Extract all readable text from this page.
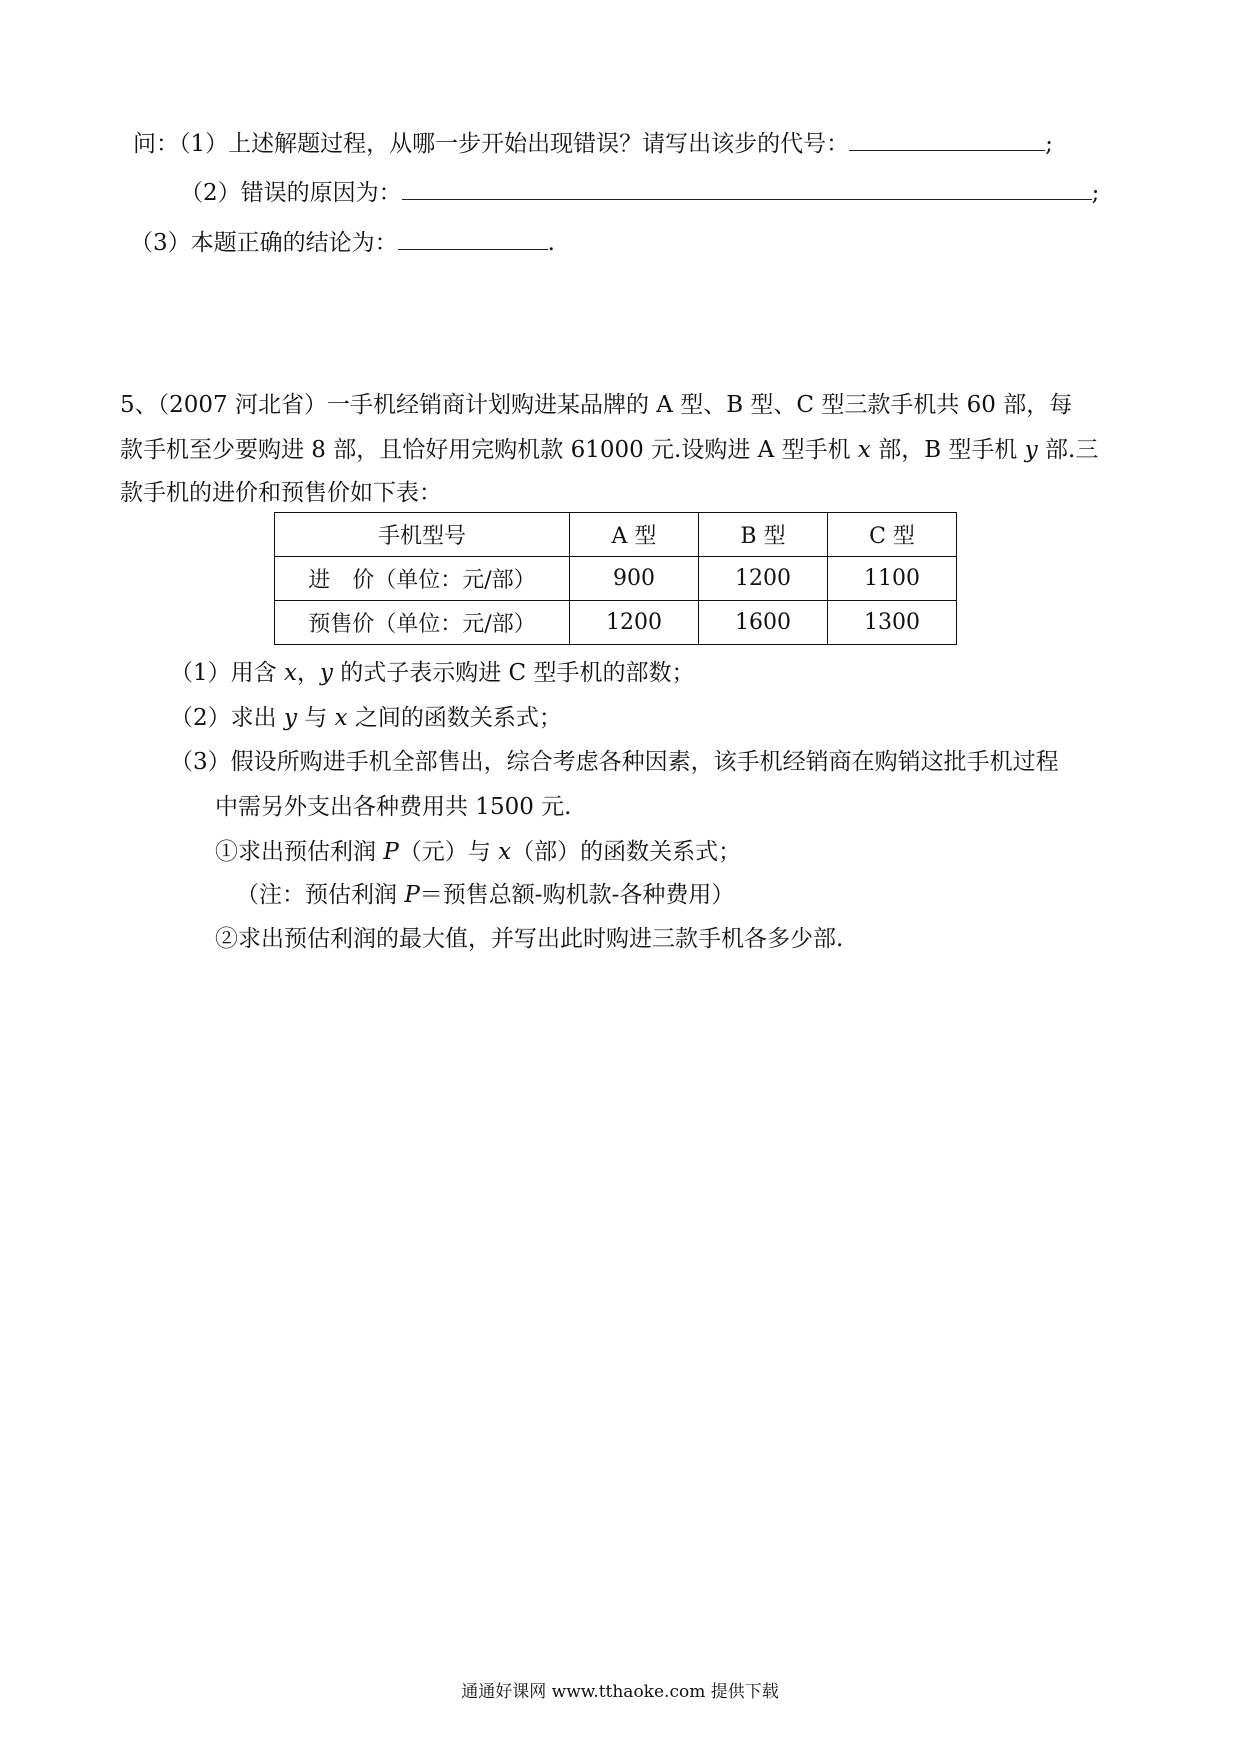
问：（1）上述解题过程，从哪一步开始出现错误？请写出该步的代号：	;
（2）错误的原因为：	;
（3）本题正确的结论为：	.
5、（2007 河北省）一手机经销商计划购进某品牌的 A 型、B 型、C 型三款手机共 60 部，每
款手机至少要购进 8 部，且恰好用完购机款 61000 元.设购进 A 型手机 x 部，B 型手机 y 部.三
款手机的进价和预售价如下表：
手机型号	A 型	B 型	C 型
进　价（单位：元/部）	900	1200	1100
预售价（单位：元/部）	1200	1600	1300
（1）用含 x，y 的式子表示购进 C 型手机的部数；
（2）求出 y 与 x 之间的函数关系式；
（3）假设所购进手机全部售出，综合考虑各种因素，该手机经销商在购销这批手机过程
中需另外支出各种费用共 1500 元.
①求出预估利润 P（元）与 x（部）的函数关系式；
（注：预估利润 P＝预售总额-购机款-各种费用）
②求出预估利润的最大值，并写出此时购进三款手机各多少部.
通通好课网 www.tthaoke.com 提供下载
